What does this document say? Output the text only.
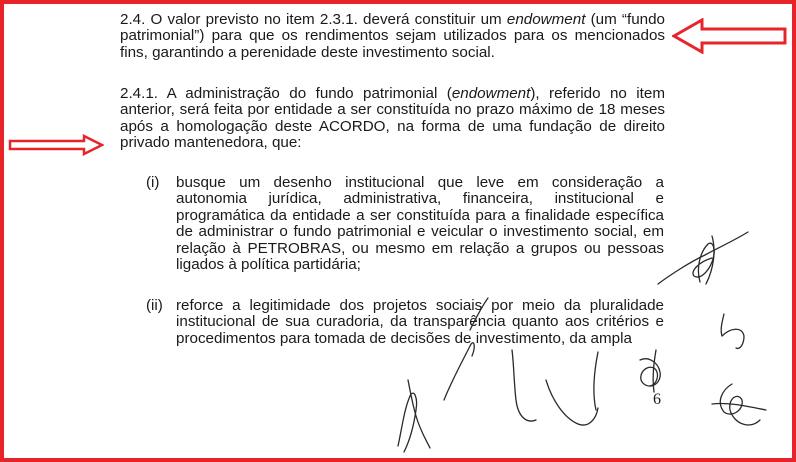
2.4. O valor previsto no item 2.3.1. deverá constituir um endowment (um “fundo patrimonial”) para que os rendimentos sejam utilizados para os mencionados fins, garantindo a perenidade deste investimento social.

2.4.1. A administração do fundo patrimonial (endowment), referido no item anterior, será feita por entidade a ser constituída no prazo máximo de 18 meses após a homologação deste ACORDO, na forma de uma fundação de direito privado mantenedora, que:

(i) busque um desenho institucional que leve em consideração a autonomia jurídica, administrativa, financeira, institucional e programática da entidade a ser constituída para a finalidade específica de administrar o fundo patrimonial e veicular o investimento social, em relação à PETROBRAS, ou mesmo em relação a grupos ou pessoas ligados à política partidária;
(ii) reforce a legitimidade dos projetos sociais por meio da pluralidade institucional de sua curadoria, da transparência quanto aos critérios e procedimentos para tomada de decisões de investimento, da ampla
6
